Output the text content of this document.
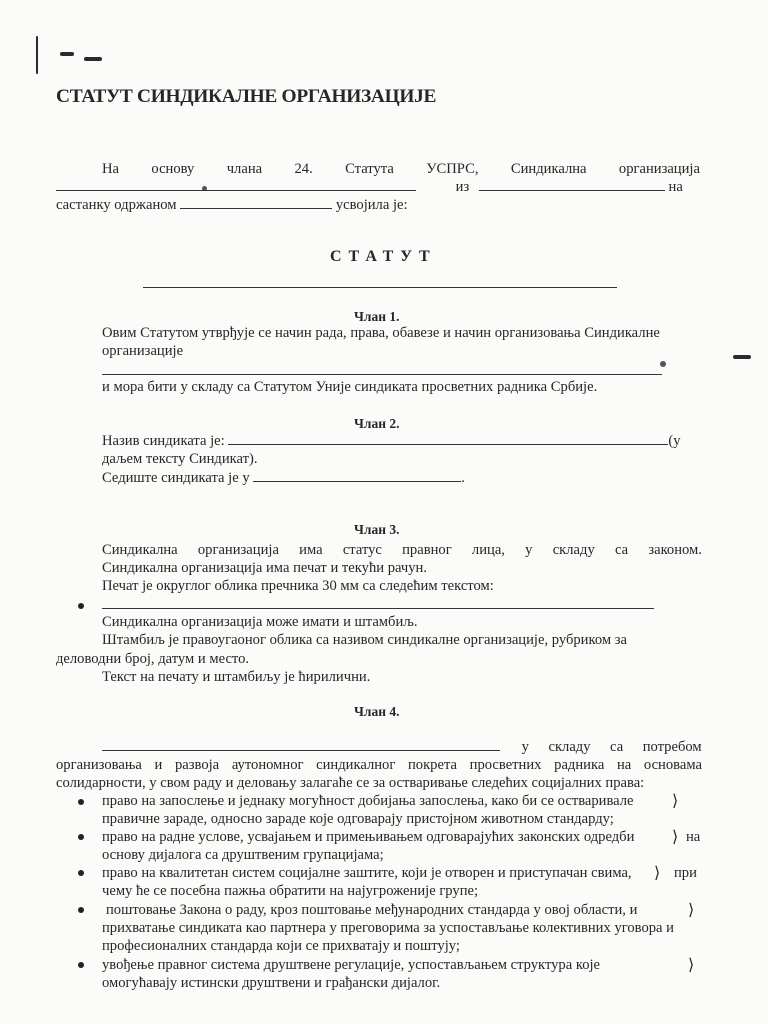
СТАТУТ СИНДИКАЛНЕ ОРГАНИЗАЦИЈЕ
На основу члана 24. Статута УСПРС, Синдикална организација
из	на
састанку одржаном	усвојила је:
СТАТУТ
Члан 1.
Овим Статутом утврђује се начин рада, права, обавезе и начин организовања Синдикалне
организације
и мора бити у складу са Статутом Уније синдиката просветних радника Србије.
Члан 2.
Назив синдиката је:	(у
даљем тексту Синдикат).
Седиште синдиката је у	.
Члан 3.
Синдикална организација има статус правног лица, у складу са законом.
Синдикална организација има печат и текући рачун.
Печат је округлог облика пречника 30 мм са следећим текстом:
Синдикална организација може имати и штамбиљ.
Штамбиљ је правоугаоног облика са називом синдикалне организације, рубриком за
деловодни број, датум и место.
Текст на печату и штамбиљу је ћирилични.
Члан 4.

у складу са потребом
организовања и развоја аутономног синдикалног покрета просветних радника на основама
солидарности, у свом раду и деловању залагаће се за остваривање следећих социјалних права:
право на запослење и једнаку могућност добијања запослења, како би се остваривале ⟩
правичне зараде, односно зараде које одговарају пристојном животном стандарду;
право на радне услове, усвајањем и примењивањем одговарајућих законских одредби ⟩ на
основу дијалога са друштвеним групацијама;
право на квалитетан систем социјалне заштите, који је отворен и приступачан свима, ⟩ при
чему ће се посебна пажња обратити на најугроженије групе;
поштовање Закона о раду, кроз поштовање међународних стандарда у овој области, и	⟩
прихватање синдиката као партнера у преговорима за успостављање колективних уговора и
професионалних стандарда који се прихватају и поштују;
увођење правног система друштвене регулације, успостављањем структура које	⟩
омогућавају истински друштвени и грађански дијалог.
